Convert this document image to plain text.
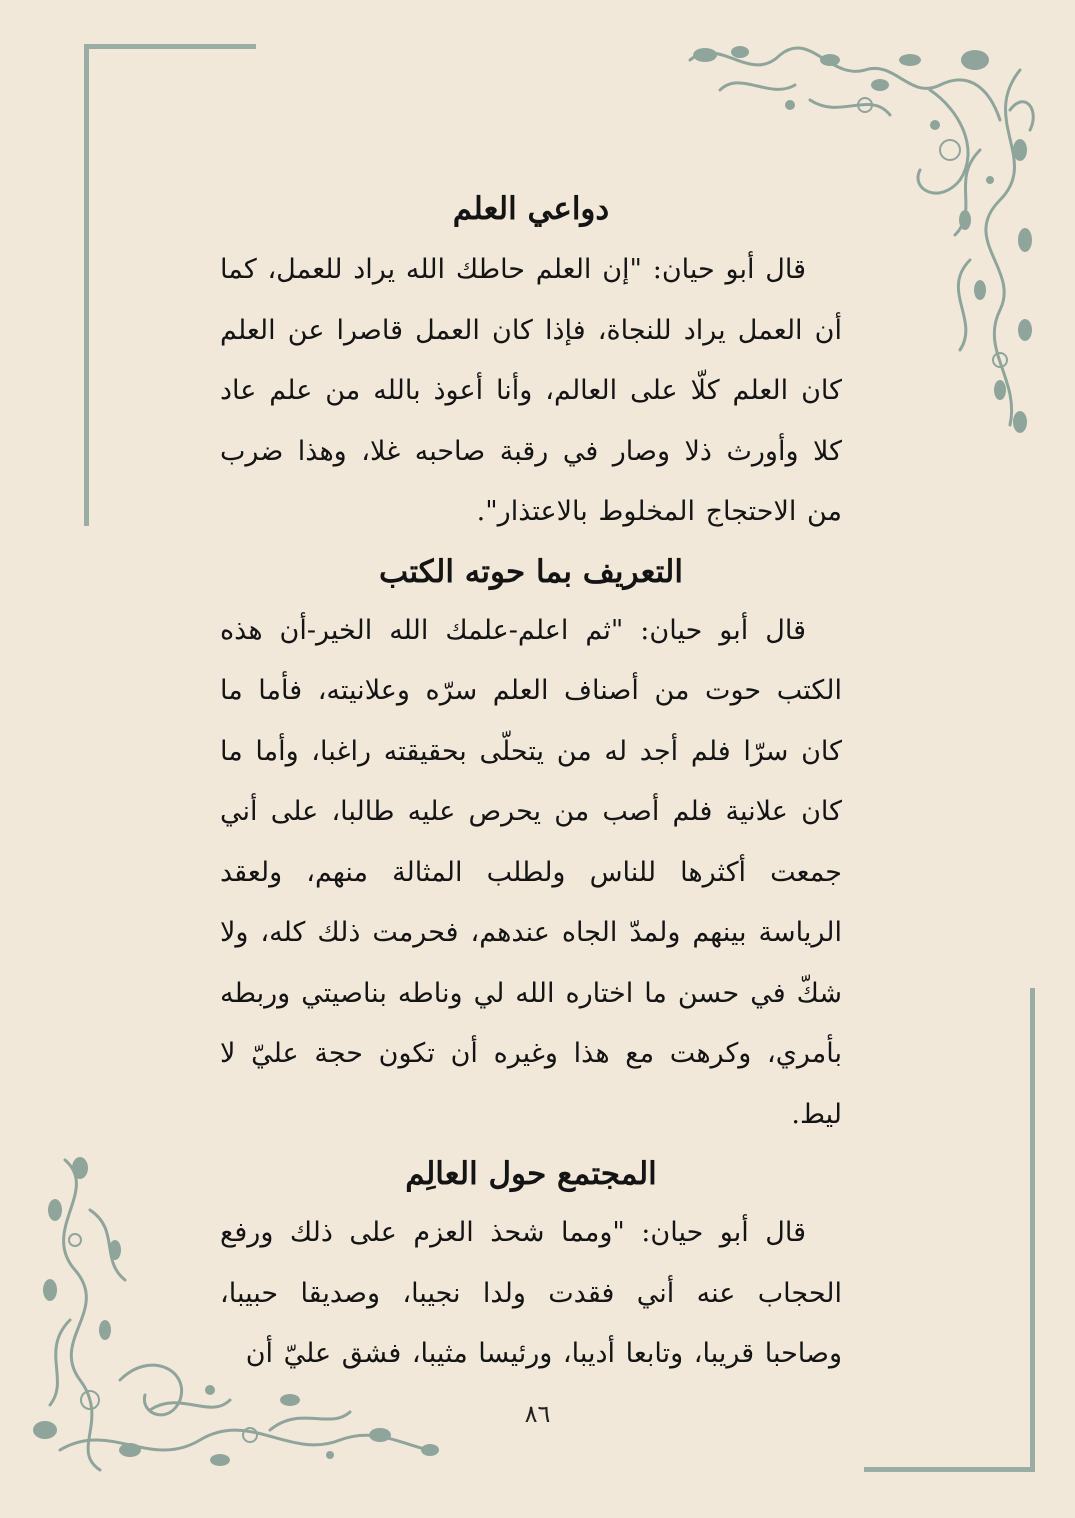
دواعي العلم

قال أبو حيان: "إن العلم حاطك الله يراد للعمل، كما أن العمل يراد للنجاة، فإذا كان العمل قاصرا عن العلم كان العلم كلّا على العالم، وأنا أعوذ بالله من علم عاد كلا وأورث ذلا وصار في رقبة صاحبه غلا، وهذا ضرب من الاحتجاج المخلوط بالاعتذار".

التعريف بما حوته الكتب

قال أبو حيان: "ثم اعلم-علمك الله الخير-أن هذه الكتب حوت من أصناف العلم سرّه وعلانيته، فأما ما كان سرّا فلم أجد له من يتحلّى بحقيقته راغبا، وأما ما كان علانية فلم أصب من يحرص عليه طالبا، على أني جمعت أكثرها للناس ولطلب المثالة منهم، ولعقد الرياسة بينهم ولمدّ الجاه عندهم، فحرمت ذلك كله، ولا شكّ في حسن ما اختاره الله لي وناطه بناصيتي وربطه بأمري، وكرهت مع هذا وغيره أن تكون حجة عليّ لا ليط.

المجتمع حول العالِم

قال أبو حيان: "ومما شحذ العزم على ذلك ورفع الحجاب عنه أني فقدت ولدا نجيبا، وصديقا حبيبا، وصاحبا قريبا، وتابعا أديبا، ورئيسا مثيبا، فشق عليّ أن

٨٦
